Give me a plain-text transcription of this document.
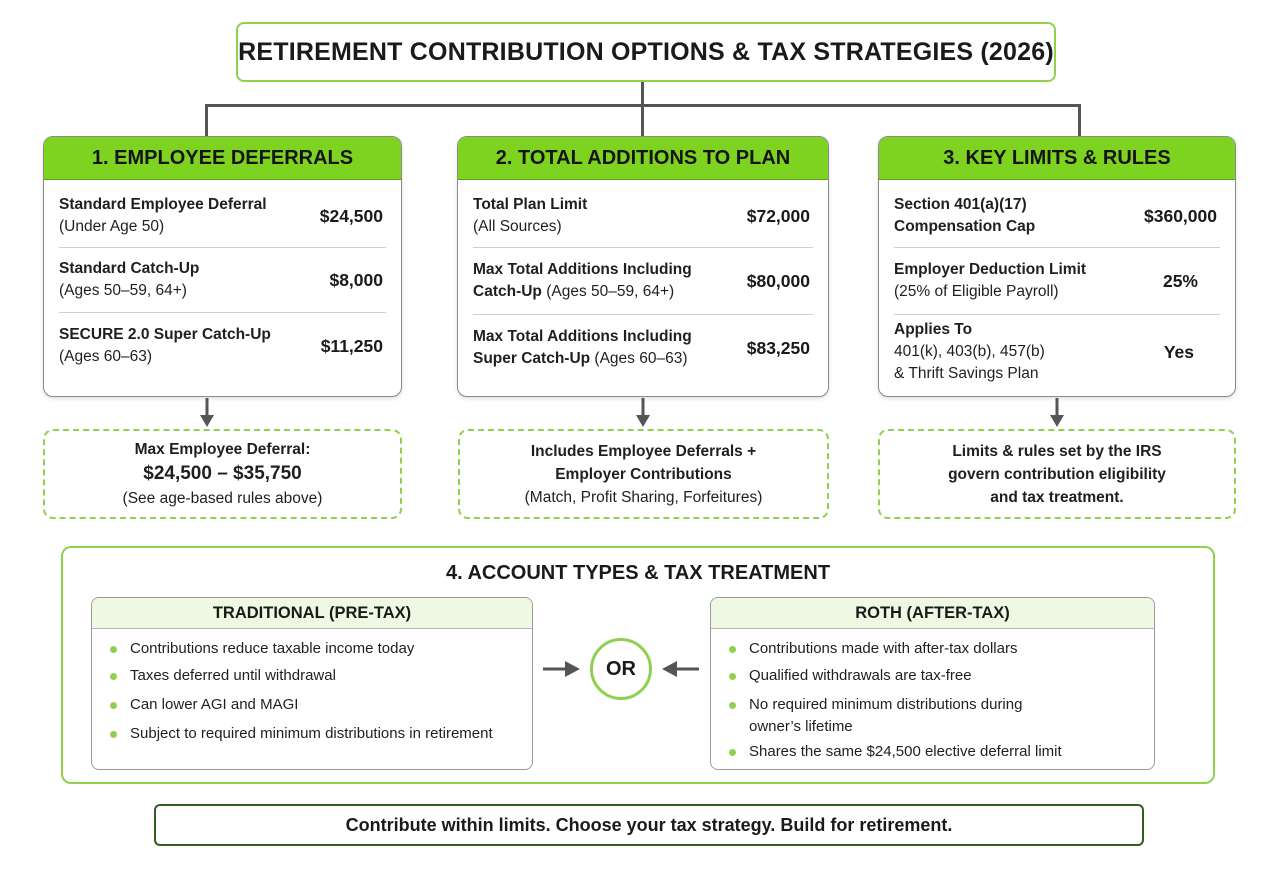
RETIREMENT CONTRIBUTION OPTIONS & TAX STRATEGIES (2026)
1. EMPLOYEE DEFERRALS
Standard Employee Deferral
(Under Age 50)
$24,500
Standard Catch-Up
(Ages 50–59, 64+)
$8,000
SECURE 2.0 Super Catch-Up
(Ages 60–63)
$11,250
2. TOTAL ADDITIONS TO PLAN
Total Plan Limit
(All Sources)
$72,000
Max Total Additions Including
Catch-Up (Ages 50–59, 64+)
$80,000
Max Total Additions Including
Super Catch-Up (Ages 60–63)
$83,250
3. KEY LIMITS & RULES
Section 401(a)(17)
Compensation Cap
$360,000
Employer Deduction Limit
(25% of Eligible Payroll)
25%
Applies To
401(k), 403(b), 457(b)
& Thrift Savings Plan
Yes
Max Employee Deferral:
$24,500 – $35,750
(See age-based rules above)
Includes Employee Deferrals +
Employer Contributions
(Match, Profit Sharing, Forfeitures)
Limits & rules set by the IRS
govern contribution eligibility
and tax treatment.
4. ACCOUNT TYPES & TAX TREATMENT
TRADITIONAL (PRE-TAX)
Contributions reduce taxable income today
Taxes deferred until withdrawal
Can lower AGI and MAGI
Subject to required minimum distributions in retirement
OR
ROTH (AFTER-TAX)
Contributions made with after-tax dollars
Qualified withdrawals are tax-free
No required minimum distributions during owner’s lifetime
Shares the same $24,500 elective deferral limit
Contribute within limits. Choose your tax strategy. Build for retirement.
